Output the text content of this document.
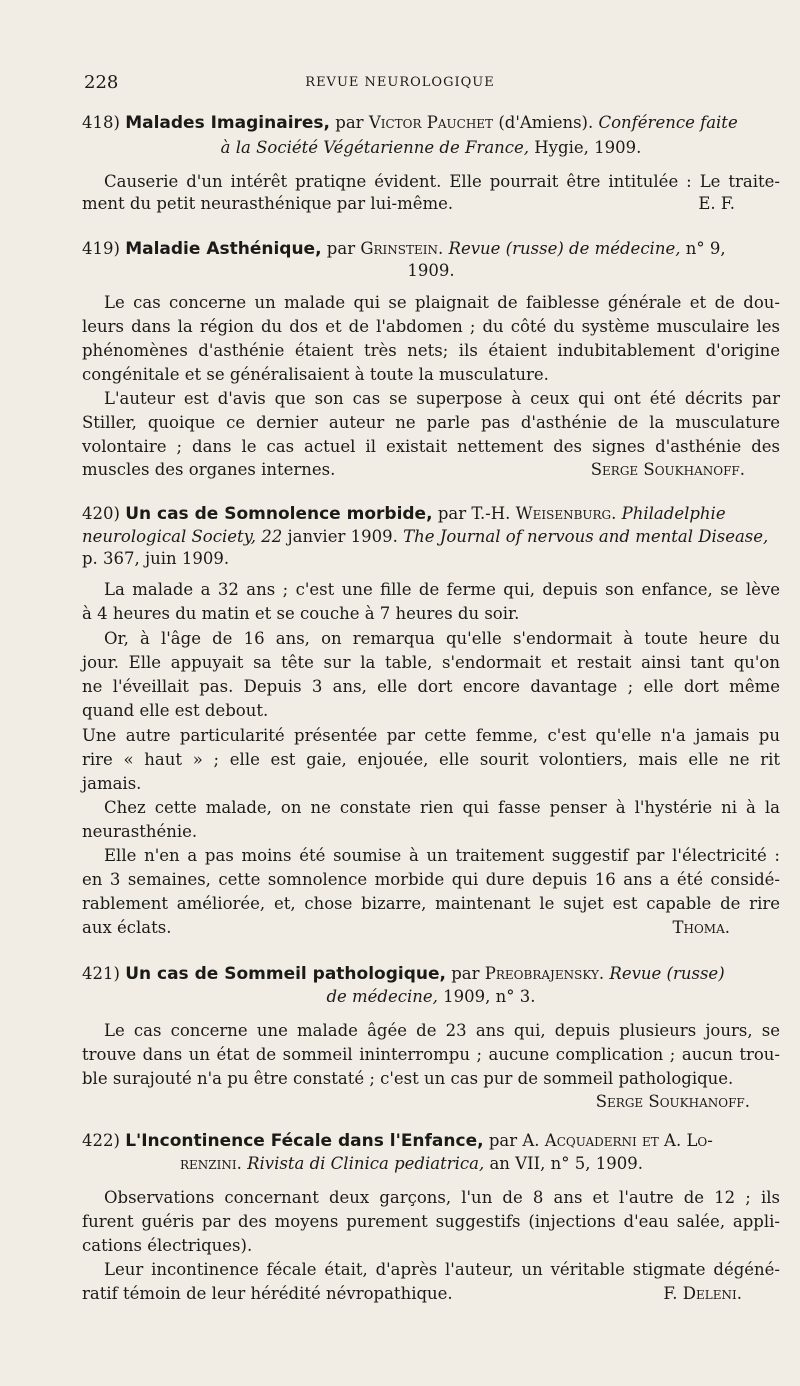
228	REVUE NEUROLOGIQUE
418) Malades Imaginaires, par Victor Pauchet (d'Amiens). Conférence faite
à la Société Végétarienne de France, Hygie, 1909.
Causerie d'un intérêt pratiqne évident. Elle pourrait être intitulée : Le traite-
ment du petit neurasthénique par lui-même.	E. F.
419) Maladie Asthénique, par Grinstein. Revue (russe) de médecine, n° 9,
1909.
Le cas concerne un malade qui se plaignait de faiblesse générale et de dou-
leurs dans la région du dos et de l'abdomen ; du côté du système musculaire les
phénomènes d'asthénie étaient très nets; ils étaient indubitablement d'origine
congénitale et se généralisaient à toute la musculature.
L'auteur est d'avis que son cas se superpose à ceux qui ont été décrits par
Stiller, quoique ce dernier auteur ne parle pas d'asthénie de la musculature
volontaire ; dans le cas actuel il existait nettement des signes d'asthénie des
muscles des organes internes.	Serge Soukhanoff.
420) Un cas de Somnolence morbide, par T.-H. Weisenburg. Philadelphie
neurological Society, 22 janvier 1909. The Journal of nervous and mental Disease,
p. 367, juin 1909.
La malade a 32 ans ; c'est une fille de ferme qui, depuis son enfance, se lève
à 4 heures du matin et se couche à 7 heures du soir.
Or, à l'âge de 16 ans, on remarqua qu'elle s'endormait à toute heure du
jour. Elle appuyait sa tête sur la table, s'endormait et restait ainsi tant qu'on
ne l'éveillait pas. Depuis 3 ans, elle dort encore davantage ; elle dort même
quand elle est debout.
Une autre particularité présentée par cette femme, c'est qu'elle n'a jamais pu
rire « haut » ; elle est gaie, enjouée, elle sourit volontiers, mais elle ne rit
jamais.
Chez cette malade, on ne constate rien qui fasse penser à l'hystérie ni à la
neurasthénie.
Elle n'en a pas moins été soumise à un traitement suggestif par l'électricité :
en 3 semaines, cette somnolence morbide qui dure depuis 16 ans a été considé-
rablement améliorée, et, chose bizarre, maintenant le sujet est capable de rire
aux éclats.	Thoma.
421) Un cas de Sommeil pathologique, par Preobrajensky. Revue (russe)
de médecine, 1909, n° 3.
Le cas concerne une malade âgée de 23 ans qui, depuis plusieurs jours, se
trouve dans un état de sommeil ininterrompu ; aucune complication ; aucun trou-
ble surajouté n'a pu être constaté ; c'est un cas pur de sommeil pathologique.
Serge Soukhanoff.
422) L'Incontinence Fécale dans l'Enfance, par A. Acquaderni et A. Lo-
renzini. Rivista di Clinica pediatrica, an VII, n° 5, 1909.
Observations concernant deux garçons, l'un de 8 ans et l'autre de 12 ; ils
furent guéris par des moyens purement suggestifs (injections d'eau salée, appli-
cations électriques).
Leur incontinence fécale était, d'après l'auteur, un véritable stigmate dégéné-
ratif témoin de leur hérédité névropathique.	F. Deleni.
